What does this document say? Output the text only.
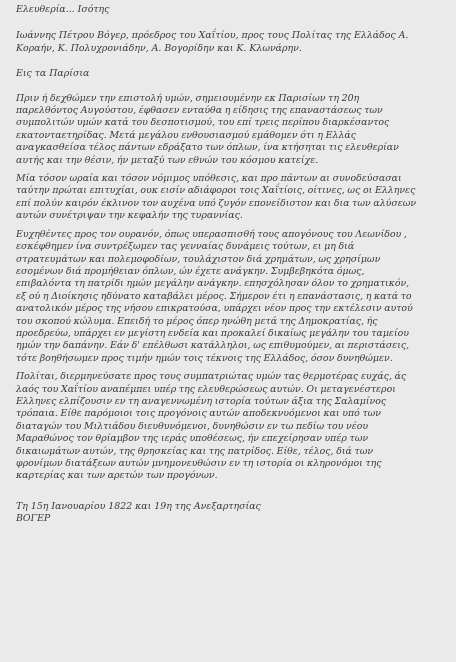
Ελευθερία... Ισότης

Ιωάννης Πέτρου Βόγερ, πρόεδρος του Χαΐτίου, προς τους Πολίτας της Ελλάδος Α.
Κοραήν, Κ. Πολυχρονιάδην, Α. Βογορίδην και Κ. Κλωνάρην.

Εις τα Παρίσια

Πριν ή δεχθώμεν την επιστολή υμών, σημειουμένην εκ Παρισίων τη 20η
παρελθόντος Αυγούστου, έφθασεν ενταύθα η είδησις της επαναστάσεως των
συμπολιτών υμών κατά του δεσποτισμού, του επί τρεις περίπου διαρκέσαντος
εκατονταετηρίδας. Μετά μεγάλου ενθουσιασμού εμάθομεν ότι η Ελλάς
αναγκασθείσα τέλος πάντων εδράξατο των όπλων, ίνα κτήσηται τις ελευθερίαν
αυτής και την θέσιν, ήν μεταξύ των εθνών του κόσμου κατείχε.

Μία τόσον ωραία και τόσον νόμιμος υπόθεσις, και προ πάντων αι συνοδεύσασαι
ταύτην πρώται επιτυχίαι, ουκ εισίν αδιάφοροι τοις Χαΐτίοις, οίτινες, ως οι Ελληνες
επί πολύν καιρόν έκλινον τον αυχένα υπό ζυγόν επονείδιστον και δια των αλύσεων
αυτών συνέτριψαν την κεφαλήν της τυραννίας.

Ευχηθέντες προς τον ουρανόν, όπως υπερασπισθή τους απογόνους του Λεωνίδου ,
εσκέφθημεν ίνα συντρέξωμεν τας γενναίας δυνάμεις τούτων, ει μη διά
στρατευμάτων και πολεμοφοδίων, τουλάχιστον διά χρημάτων, ως χρησίμων
εσομένων διά προμήθειαν όπλων, ών έχετε ανάγκην. Συμβεβηκότα όμως,
επιβαλόντα τη πατρίδι ημών μεγάλην ανάγκην. επησχόλησαν όλον το χρηματικόν,
εξ ού η Διοίκησις ηδύνατο καταβάλει μέρος. Σήμερον έτι η επανάστασις, η κατά το
ανατολικόν μέρος της νήσου επικρατούσα, υπάρχει νέον προς την εκτέλεσιν αυτού
του σκοπού κώλυμα. Επειδή το μέρος όπερ ηνώθη μετά της Δημοκρατίας, ής
προεδρεύω, υπάρχει εν μεγίστη ενδεία και προκαλεί δικαίως μεγάλην του ταμείου
ημών την δαπάνην. Εάν δ' επέλθωσι κατάλληλοι, ως επιθυμούμεν, αι περιστάσεις,
τότε βοηθήσωμεν προς τιμήν ημών τοις τέκνοις της Ελλάδος, όσον δυνηθώμεν.

Πολίται, διερμηνεύσατε προς τους συμπατριώτας υμών τας θερμοτέρας ευχάς, άς
λαός του Χαΐτίου αναπέμπει υπέρ της ελευθερώσεως αυτών. Οι μεταγενέστεροι
Ελληνες ελπίζουσιν εν τη αναγεννωμένη ιστορία τούτων άξια της Σαλαμίνος
τρόπαια. Είθε παρόμοιοι τοις προγόνοις αυτών αποδεκνυόμενοι και υπό των
διαταγών του Μιλτιάδου διευθυνόμενοι, δυνηθώσιν εν τω πεδίω του νέου
Μαραθώνος τον θρίαμβον της ιεράς υποθέσεως, ήν επεχείρησαν υπέρ των
δικαιωμάτων αυτών, της θρησκείας και της πατρίδος. Είθε, τέλος, διά των
φρονίμων διατάξεων αυτών μνημονευθώσιν εν τη ιστορία οι κληρονόμοι της
καρτερίας και των αρετών των προγόνων.

Τη 15η Ιανουαρίου 1822 και 19η της Ανεξαρτησίας

ΒΟΓΕΡ
